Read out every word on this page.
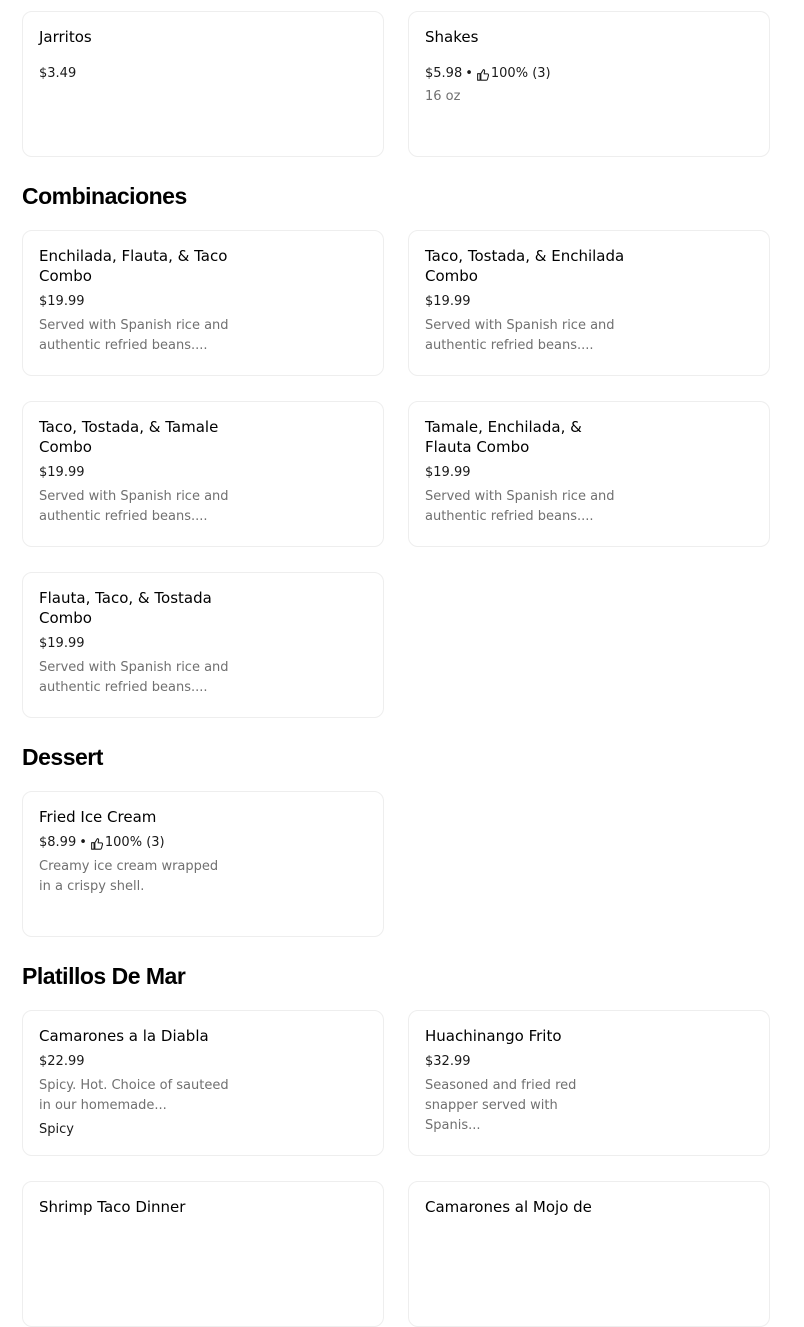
Jarritos
$3.49
Shakes
$5.98 • 100% (3)
16 oz
Combinaciones
Enchilada, Flauta, & Taco Combo
$19.99
Served with Spanish rice and authentic refried beans....
Taco, Tostada, & Enchilada Combo
$19.99
Served with Spanish rice and authentic refried beans....
Taco, Tostada, & Tamale Combo
$19.99
Served with Spanish rice and authentic refried beans....
Tamale, Enchilada, & Flauta Combo
$19.99
Served with Spanish rice and authentic refried beans....
Flauta, Taco, & Tostada Combo
$19.99
Served with Spanish rice and authentic refried beans....
Dessert
Fried Ice Cream
$8.99 • 100% (3)
Creamy ice cream wrapped in a crispy shell.
Platillos De Mar
Camarones a la Diabla
$22.99
Spicy. Hot. Choice of sauteed in our homemade...
Spicy
Huachinango Frito
$32.99
Seasoned and fried red snapper served with Spanis...
Shrimp Taco Dinner	Camarones al Mojo de
